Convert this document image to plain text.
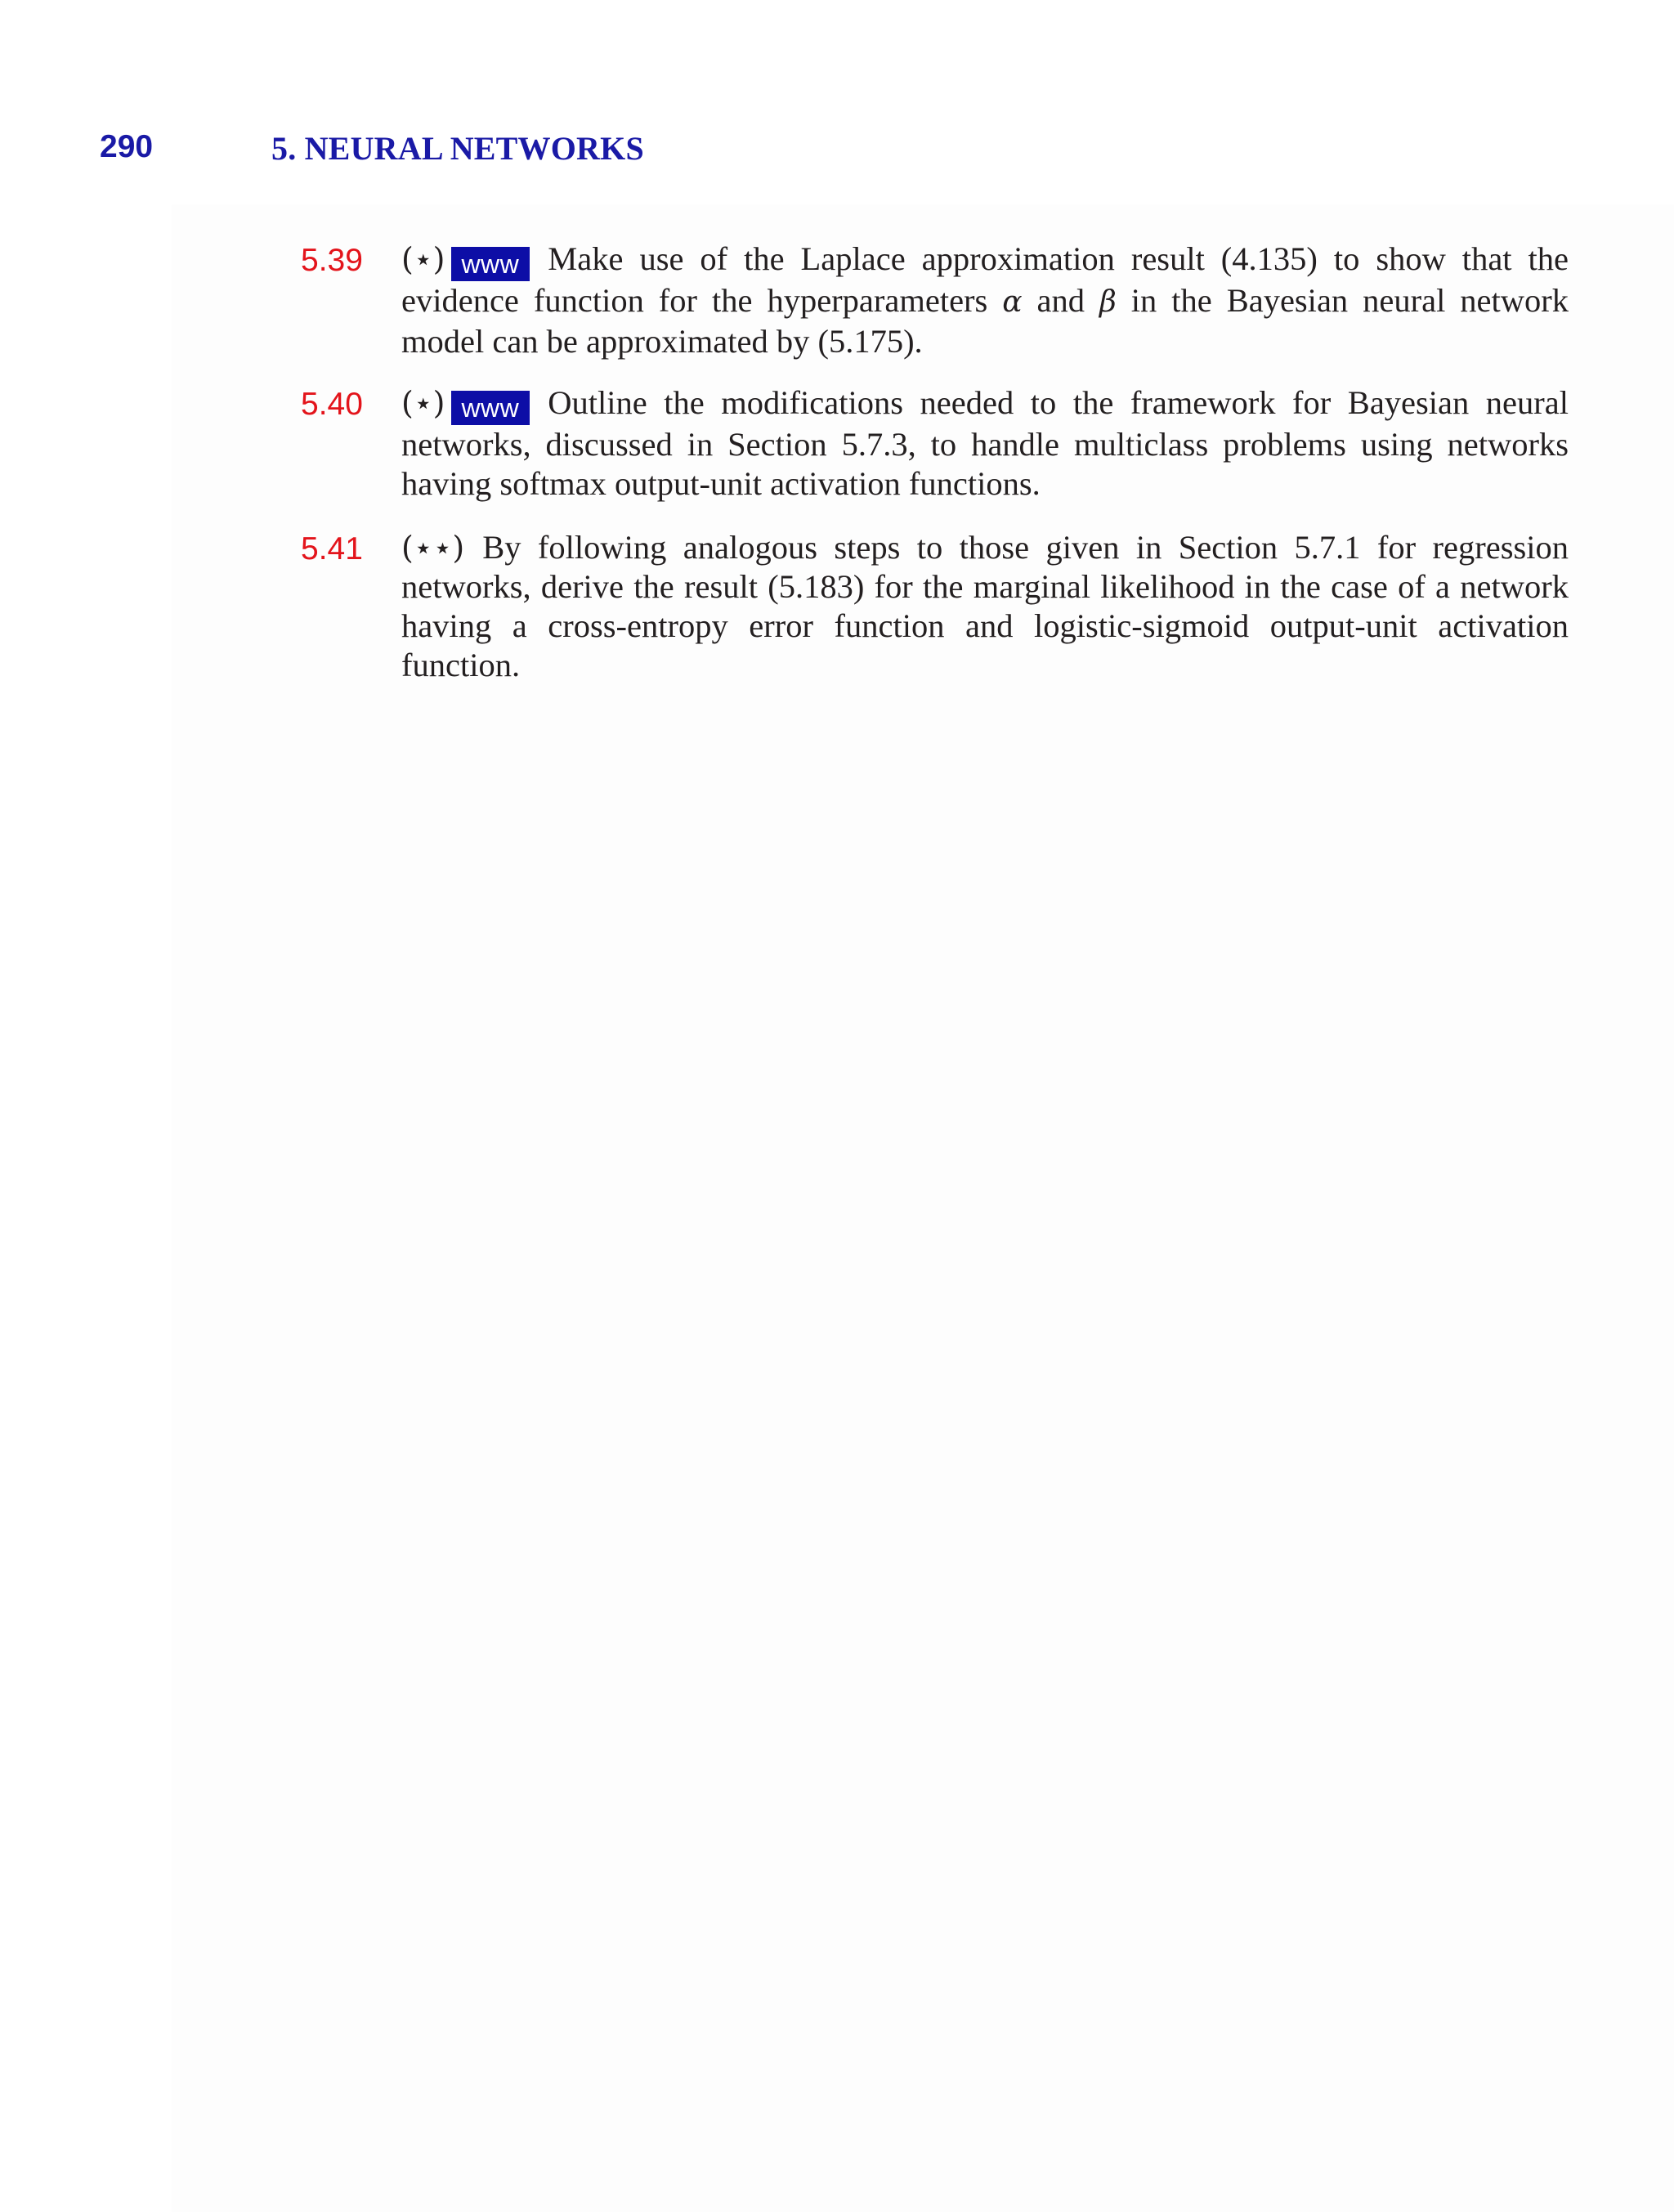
290	5. NEURAL NETWORKS
5.39 (⋆) www Make use of the Laplace approximation result (4.135) to show that the evidence function for the hyperparameters α and β in the Bayesian neural network model can be approximated by (5.175).
5.40 (⋆) www Outline the modifications needed to the framework for Bayesian neural networks, discussed in Section 5.7.3, to handle multiclass problems using networks having softmax output-unit activation functions.
5.41 (⋆⋆) By following analogous steps to those given in Section 5.7.1 for regression networks, derive the result (5.183) for the marginal likelihood in the case of a network having a cross-entropy error function and logistic-sigmoid output-unit activation function.
